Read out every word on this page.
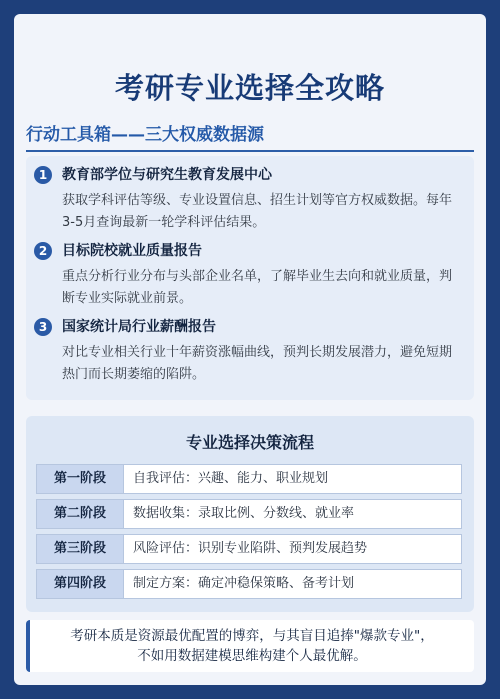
考研专业选择全攻略
行动工具箱——三大权威数据源
1	教育部学位与研究生教育发展中心
获取学科评估等级、专业设置信息、招生计划等官方权威数据。每年3-5月查询最新一轮学科评估结果。
2	目标院校就业质量报告
重点分析行业分布与头部企业名单，了解毕业生去向和就业质量，判断专业实际就业前景。
3	国家统计局行业薪酬报告
对比专业相关行业十年薪资涨幅曲线，预判长期发展潜力，避免短期热门而长期萎缩的陷阱。
专业选择决策流程
第一阶段	自我评估：兴趣、能力、职业规划
第二阶段	数据收集：录取比例、分数线、就业率
第三阶段	风险评估：识别专业陷阱、预判发展趋势
第四阶段	制定方案：确定冲稳保策略、备考计划
考研本质是资源最优配置的博弈，与其盲目追捧"爆款专业"，
不如用数据建模思维构建个人最优解。
